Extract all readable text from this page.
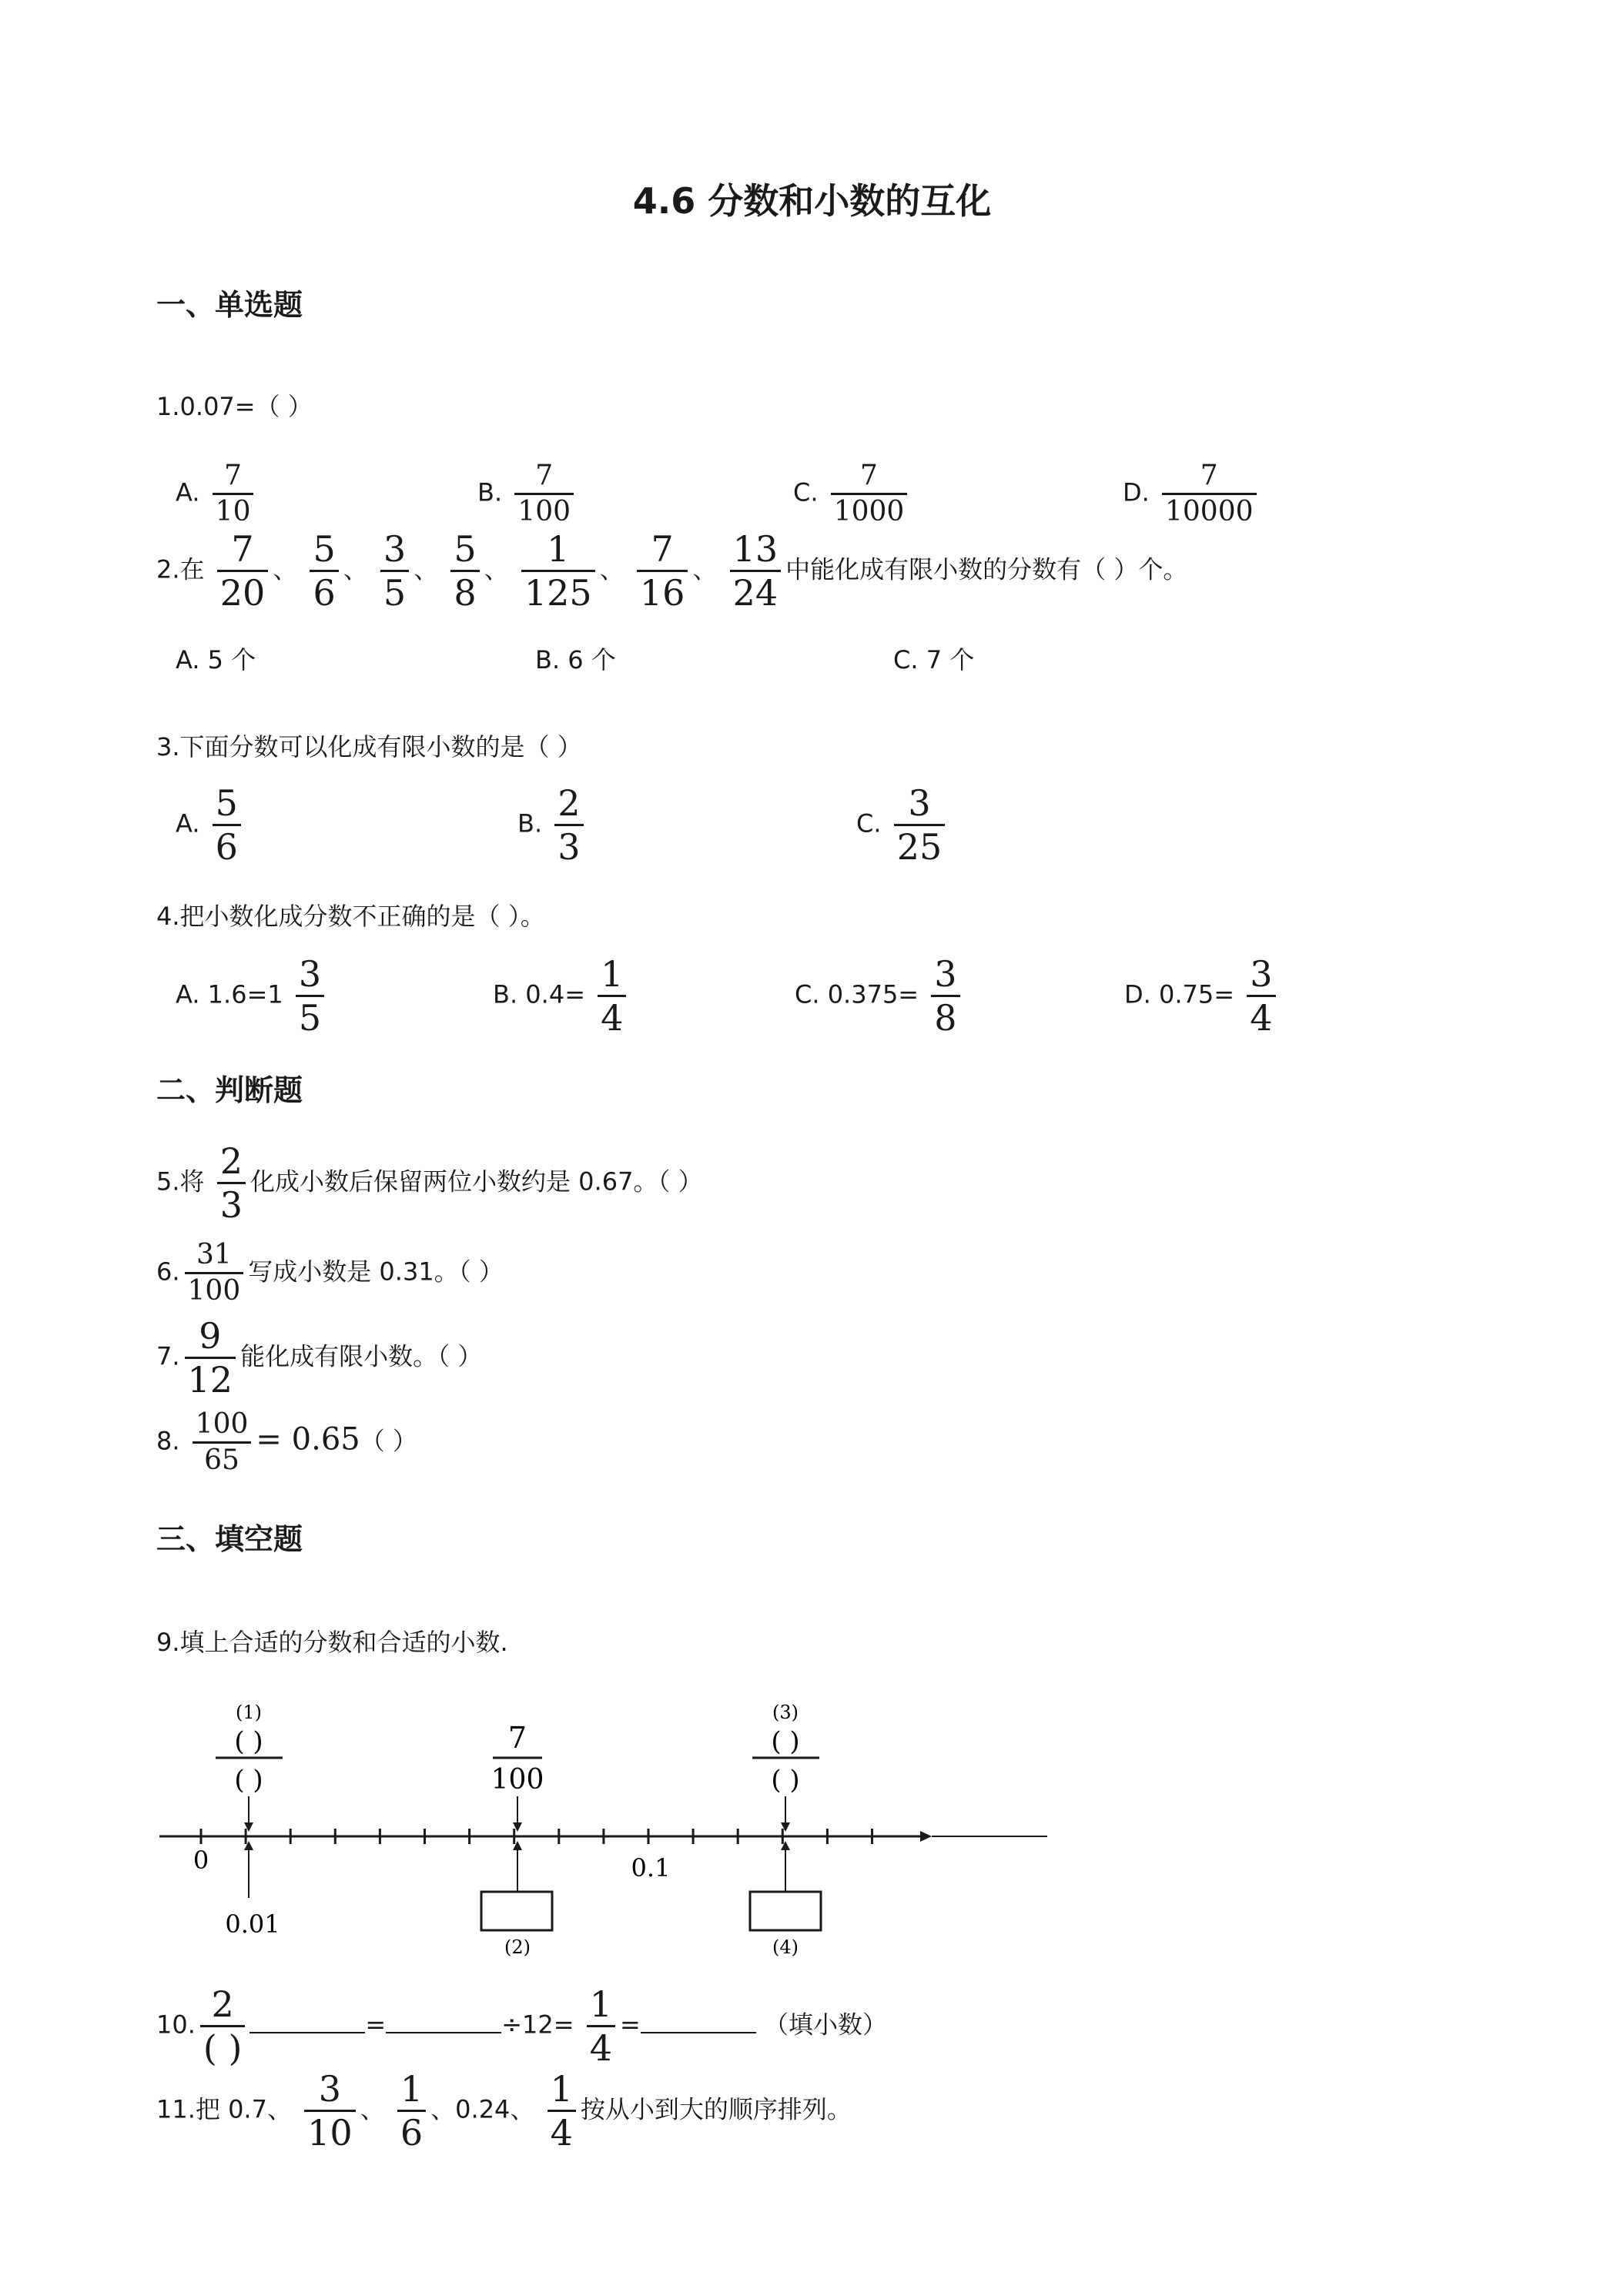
4.6 分数和小数的互化
一、单选题
1.0.07=（ ）
A. $\frac{7}{10}$	B. $\frac{7}{100}$	C. $\frac{7}{1000}$	D. $\frac{7}{10000}$
2.在 $\frac{7}{20}$ 、 $\frac{5}{6}$ 、 $\frac{3}{5}$ 、 $\frac{5}{8}$ 、 $\frac{1}{125}$ 、 $\frac{7}{16}$ 、 $\frac{13}{24}$ 中能化成有限小数的分数有（ ）个。
A. 5 个	B. 6 个	C. 7 个
3.下面分数可以化成有限小数的是（ ）
A. $\frac{5}{6}$	B. $\frac{2}{3}$	C. $\frac{3}{25}$
4.把小数化成分数不正确的是（ ）。
A. $1.6=1 \frac{3}{5}$	B. $0.4= \frac{1}{4}$	C. $0.375= \frac{3}{8}$	D. $0.75= \frac{3}{4}$
二、判断题
5.将 $\frac{2}{3}$ 化成小数后保留两位小数约是 0.67。（ ）
6. $\frac{31}{100}$ 写成小数是 0.31。（ ）
7. $\frac{9}{12}$ 能化成有限小数。（ ）
8. $\frac{100}{65} = 0.65$（ ）
三、填空题
9.填上合适的分数和合适的小数.
0
0.01
0.1
(1)
( )
( )
7
100
(2)
(3)
( )
( )
(4)
10. $\frac{2}{( )}$	=	$\div 12= \frac{1}{4}$ =	（填小数）
11.把 0.7、 $\frac{3}{10}$ 、 $\frac{1}{6}$ 、0.24、 $\frac{1}{4}$ 按从小到大的顺序排列。
